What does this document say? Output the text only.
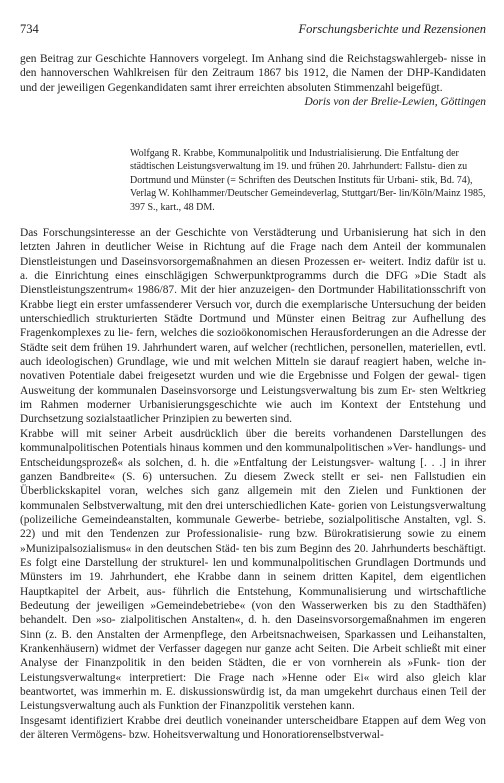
734	Forschungsberichte und Rezensionen
gen Beitrag zur Geschichte Hannovers vorgelegt. Im Anhang sind die Reichstagswahlergeb- nisse in den hannoverschen Wahlkreisen für den Zeitraum 1867 bis 1912, die Namen der DHP-Kandidaten und der jeweiligen Gegenkandidaten samt ihrer erreichten absoluten Stimmenzahl beigefügt.
Doris von der Brelie-Lewien, Göttingen
Wolfgang R. Krabbe, Kommunalpolitik und Industrialisierung. Die Entfaltung der städtischen Leistungsverwaltung im 19. und frühen 20. Jahrhundert: Fallstu- dien zu Dortmund und Münster (= Schriften des Deutschen Instituts für Urbani- stik, Bd. 74), Verlag W. Kohlhammer/Deutscher Gemeindeverlag, Stuttgart/Ber- lin/Köln/Mainz 1985, 397 S., kart., 48 DM.

Das Forschungsinteresse an der Geschichte von Verstädterung und Urbanisierung hat sich in den letzten Jahren in deutlicher Weise in Richtung auf die Frage nach dem Anteil der kommunalen Dienstleistungen und Daseinsvorsorgemaßnahmen an diesen Prozessen er- weitert. Indiz dafür ist u. a. die Einrichtung eines einschlägigen Schwerpunktprogramms durch die DFG »Die Stadt als Dienstleistungszentrum« 1986/87. Mit der hier anzuzeigen- den Dortmunder Habilitationsschrift von Krabbe liegt ein erster umfassenderer Versuch vor, durch die exemplarische Untersuchung der beiden unterschiedlich strukturierten Städte Dortmund und Münster einen Beitrag zur Aufhellung des Fragenkomplexes zu lie- fern, welches die sozioökonomischen Herausforderungen an die Adresse der Städte seit dem frühen 19. Jahrhundert waren, auf welcher (rechtlichen, personellen, materiellen, evtl. auch ideologischen) Grundlage, wie und mit welchen Mitteln sie darauf reagiert haben, welche in- novativen Potentiale dabei freigesetzt wurden und wie die Ergebnisse und Folgen der gewal- tigen Ausweitung der kommunalen Daseinsvorsorge und Leistungsverwaltung bis zum Er- sten Weltkrieg im Rahmen moderner Urbanisierungsgeschichte wie auch im Kontext der Entstehung und Durchsetzung sozialstaatlicher Prinzipien zu bewerten sind.

Krabbe will mit seiner Arbeit ausdrücklich über die bereits vorhandenen Darstellungen des kommunalpolitischen Potentials hinaus kommen und den kommunalpolitischen »Ver- handlungs- und Entscheidungsprozeß« als solchen, d. h. die »Entfaltung der Leistungsver- waltung [. . .] in ihrer ganzen Bandbreite« (S. 6) untersuchen. Zu diesem Zweck stellt er sei- nen Fallstudien ein Überblickskapitel voran, welches sich ganz allgemein mit den Zielen und Funktionen der kommunalen Selbstverwaltung, mit den drei unterschiedlichen Kate- gorien von Leistungsverwaltung (polizeiliche Gemeindeanstalten, kommunale Gewerbe- betriebe, sozialpolitische Anstalten, vgl. S. 22) und mit den Tendenzen zur Professionalisie- rung bzw. Bürokratisierung sowie zu einem »Munizipalsozialismus« in den deutschen Städ- ten bis zum Beginn des 20. Jahrhunderts beschäftigt. Es folgt eine Darstellung der strukturel- len und kommunalpolitischen Grundlagen Dortmunds und Münsters im 19. Jahrhundert, ehe Krabbe dann in seinem dritten Kapitel, dem eigentlichen Hauptkapitel der Arbeit, aus- führlich die Entstehung, Kommunalisierung und wirtschaftliche Bedeutung der jeweiligen »Gemeindebetriebe« (von den Wasserwerken bis zu den Stadthäfen) behandelt. Den »so- zialpolitischen Anstalten«, d. h. den Daseinsvorsorgemaßnahmen im engeren Sinn (z. B. den Anstalten der Armenpflege, den Arbeitsnachweisen, Sparkassen und Leihanstalten, Krankenhäusern) widmet der Verfasser dagegen nur ganze acht Seiten. Die Arbeit schließt mit einer Analyse der Finanzpolitik in den beiden Städten, die er von vornherein als »Funk- tion der Leistungsverwaltung« interpretiert: Die Frage nach »Henne oder Ei« wird also gleich klar beantwortet, was immerhin m. E. diskussionswürdig ist, da man umgekehrt durchaus einen Teil der Leistungsverwaltung auch als Funktion der Finanzpolitik verstehen kann.

Insgesamt identifiziert Krabbe drei deutlich voneinander unterscheidbare Etappen auf dem Weg von der älteren Vermögens- bzw. Hoheitsverwaltung und Honoratiorenselbstverwal-
